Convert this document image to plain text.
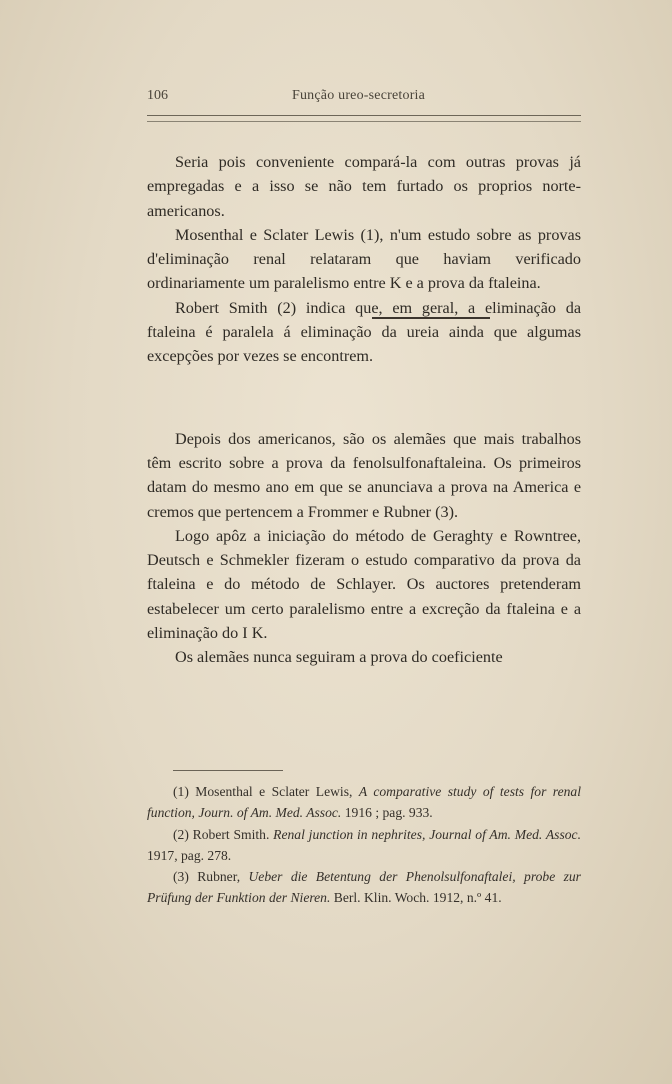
106	Função ureo-secretoria

Seria pois conveniente compará-la com outras provas já empregadas e a isso se não tem furtado os proprios norte-americanos.

Mosenthal e Sclater Lewis (1), n'um estudo sobre as provas d'eliminação renal relataram que haviam verificado ordinariamente um paralelismo entre K e a prova da ftaleina.

Robert Smith (2) indica que, em geral, a eliminação da ftaleina é paralela á eliminação da ureia ainda que algumas excepções por vezes se encontrem.

Depois dos americanos, são os alemães que mais trabalhos têm escrito sobre a prova da fenolsulfonaftaleina. Os primeiros datam do mesmo ano em que se anunciava a prova na America e cremos que pertencem a Frommer e Rubner (3).

Logo apôz a iniciação do método de Geraghty e Rowntree, Deutsch e Schmekler fizeram o estudo comparativo da prova da ftaleina e do método de Schlayer. Os auctores pretenderam estabelecer um certo paralelismo entre a excreção da ftaleina e a eliminação do I K.

Os alemães nunca seguiram a prova do coeficiente

(1) Mosenthal e Sclater Lewis, A comparative study of tests for renal function, Journ. of Am. Med. Assoc. 1916 ; pag. 933.

(2) Robert Smith. Renal junction in nephrites, Journal of Am. Med. Assoc. 1917, pag. 278.

(3) Rubner, Ueber die Betentung der Phenolsulfonaftalei, probe zur Prüfung der Funktion der Nieren. Berl. Klin. Woch. 1912, n.º 41.
